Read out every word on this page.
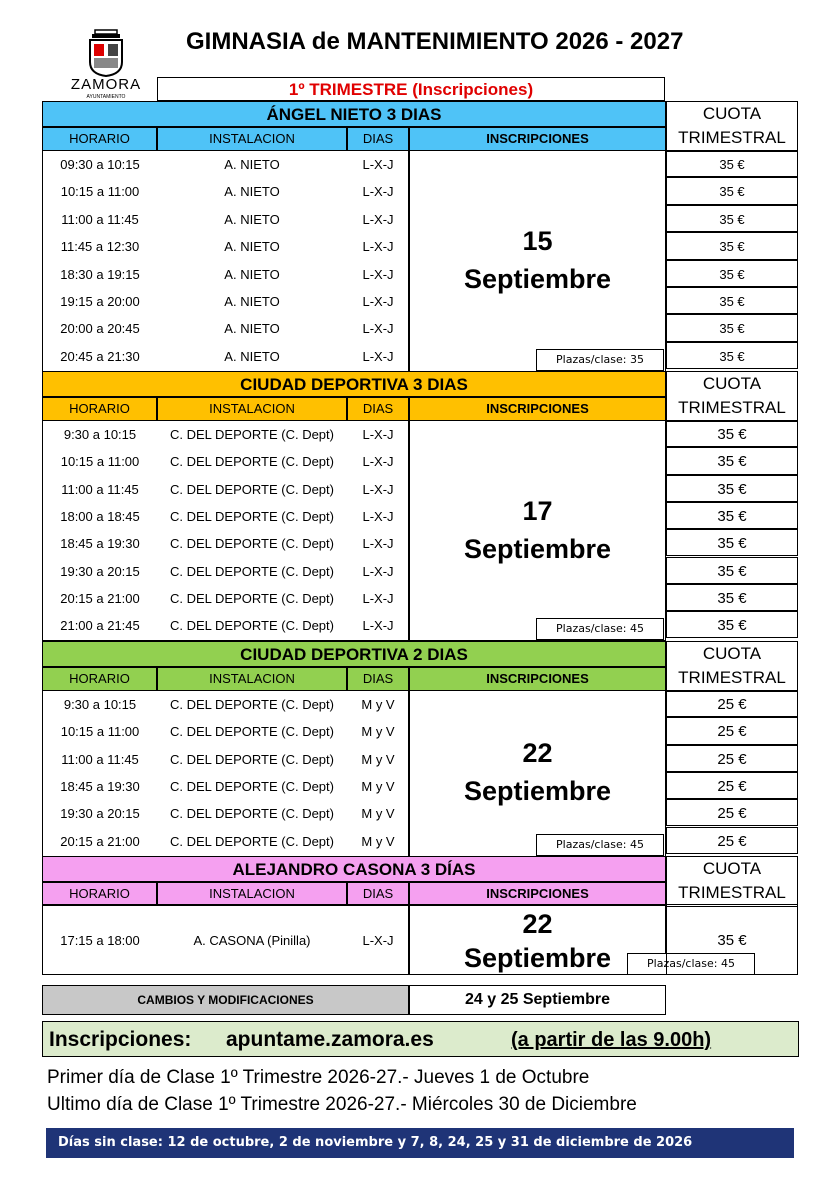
ZAMORA
AYUNTAMIENTO
GIMNASIA de MANTENIMIENTO 2026 - 2027
1º TRIMESTRE (Inscripciones)
ÁNGEL NIETO 3 DIAS
HORARIO	INSTALACION	DIAS	INSCRIPCIONES
CUOTA
TRIMESTRAL
15
Septiembre
Plazas/clase: 35
09:30 a 10:15	A. NIETO	L-X-J	35 €
10:15 a 11:00	A. NIETO	L-X-J	35 €
11:00 a 11:45	A. NIETO	L-X-J	35 €
11:45 a 12:30	A. NIETO	L-X-J	35 €
18:30 a 19:15	A. NIETO	L-X-J	35 €
19:15 a 20:00	A. NIETO	L-X-J	35 €
20:00 a 20:45	A. NIETO	L-X-J	35 €
20:45 a 21:30	A. NIETO	L-X-J	35 €
CIUDAD DEPORTIVA 3 DIAS
HORARIO	INSTALACION	DIAS	INSCRIPCIONES
CUOTA
TRIMESTRAL
17
Septiembre
Plazas/clase: 45
9:30 a 10:15	C. DEL DEPORTE (C. Dept)	L-X-J	35 €
10:15 a 11:00	C. DEL DEPORTE (C. Dept)	L-X-J	35 €
11:00 a 11:45	C. DEL DEPORTE (C. Dept)	L-X-J	35 €
18:00 a 18:45	C. DEL DEPORTE (C. Dept)	L-X-J	35 €
18:45 a 19:30	C. DEL DEPORTE (C. Dept)	L-X-J	35 €
19:30 a 20:15	C. DEL DEPORTE (C. Dept)	L-X-J	35 €
20:15 a 21:00	C. DEL DEPORTE (C. Dept)	L-X-J	35 €
21:00 a 21:45	C. DEL DEPORTE (C. Dept)	L-X-J	35 €
CIUDAD DEPORTIVA 2 DIAS
HORARIO	INSTALACION	DIAS	INSCRIPCIONES
CUOTA
TRIMESTRAL
22
Septiembre
Plazas/clase: 45
9:30 a 10:15	C. DEL DEPORTE (C. Dept)	M y V	25 €
10:15 a 11:00	C. DEL DEPORTE (C. Dept)	M y V	25 €
11:00 a 11:45	C. DEL DEPORTE (C. Dept)	M y V	25 €
18:45 a 19:30	C. DEL DEPORTE (C. Dept)	M y V	25 €
19:30 a 20:15	C. DEL DEPORTE (C. Dept)	M y V	25 €
20:15 a 21:00	C. DEL DEPORTE (C. Dept)	M y V	25 €
ALEJANDRO CASONA 3 DÍAS
HORARIO	INSTALACION	DIAS	INSCRIPCIONES
CUOTA
TRIMESTRAL
22
Septiembre	Plazas/clase: 45
17:15 a 18:00	A. CASONA (Pinilla)	L-X-J	35 €
CAMBIOS Y MODIFICACIONES	24 y 25 Septiembre
Inscripciones: apuntame.zamora.es	(a partir de las 9.00h)
Primer día de Clase 1º Trimestre 2026-27.- Jueves 1 de Octubre
Ultimo día de Clase 1º Trimestre 2026-27.- Miércoles 30 de Diciembre
Días sin clase: 12 de octubre, 2 de noviembre y 7, 8, 24, 25 y 31 de diciembre de 2026
